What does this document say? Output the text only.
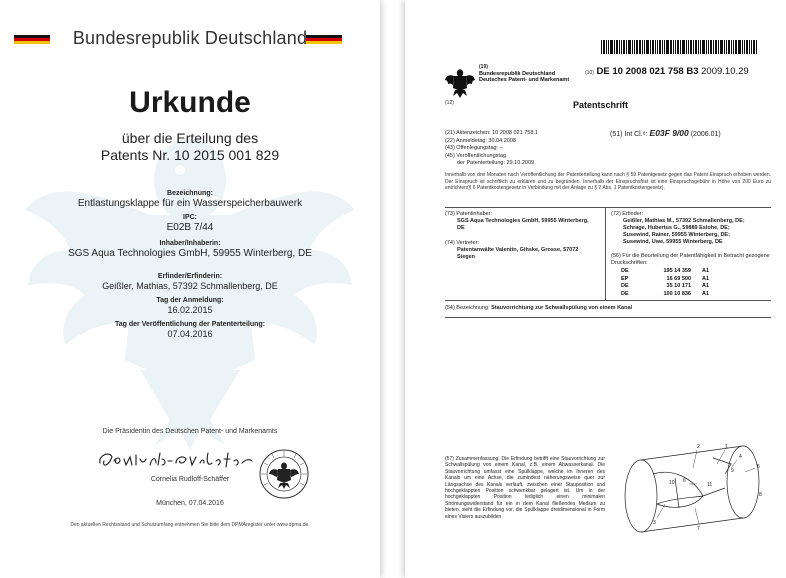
Bundesrepublik Deutschland
Urkunde
über die Erteilung des
Patents Nr. 10 2015 001 829
Bezeichnung:
Entlastungsklappe für ein Wasserspeicherbauwerk
IPC:
E02B 7/44
Inhaber/Inhaberin:
SGS Aqua Technologies GmbH, 59955 Winterberg, DE
Erfinder/Erfinderin:
Geißler, Mathias, 57392 Schmallenberg, DE
Tag der Anmeldung:
16.02.2015
Tag der Veröffentlichung der Patenterteilung:
07.04.2016
Die Präsidentin des Deutschen Patent- und Markenamts
Cornelia Rudloff-Schäffer
München, 07.04.2016
Den aktuellen Rechtsstand und Schutzumfang entnehmen Sie bitte dem DPMAregister unter www.dpma.de.
(19)
Bundesrepublik Deutschland
Deutsches Patent- und Markenamt
(10) DE 10 2008 021 758 B3 2009.10.29
(12)	Patentschrift
(21) Aktenzeichen: 10 2008 021 758.1
(22) Anmeldetag: 30.04.2008
(43) Offenlegungstag: –
(45) Veröffentlichungstag
der Patenterteilung: 29.10.2009
(51) Int Cl.⁸: E03F 9/00 (2006.01)
Innerhalb von drei Monaten nach Veröffentlichung der Patenterteilung kann nach § 59 Patentgesetz gegen das Patent Einspruch erhoben werden. Der Einspruch ist schriftlich zu erklären und zu begründen. Innerhalb der Einspruchsfrist ist eine Einspruchsgebühr in Höhe von 200 Euro zu entrichten(§ 6 Patentkostengesetz in Verbindung mit der Anlage zu § 2 Abs. 1 Patentkostengesetz).
(73) Patentinhaber:
SGS Aqua Technologies GmbH, 59955 Winterberg, DE
(74) Vertreter:
Patentanwälte Valentin, Gihske, Grosse, 57072 Siegen
(72) Erfinder:
Geißler, Mathias M., 57392 Schmallenberg, DE;
Schrage, Hubertus G., 59889 Eslohe, DE;
Susewind, Rainer, 59955 Winterberg, DE;
Susewind, Uwe, 59955 Winterberg, DE
(56) Für die Beurteilung der Patentfähigkeit in Betracht gezogene Druckschriften:
DE	195 14 359	A1
EP	16 69 500	A1
DE	35 10 171	A1
DE	100 10 836	A1
(54) Bezeichnung: Stauvorrichtung zur Schwallspülung von einem Kanal
(57) Zusammenfassung: Die Erfindung betrifft eine Stauvorrichtung zur Schwallspülung von einem Kanal, z.B. einem Abwasserkanal. Die Stauvorrichtung umfasst eine Spülklappe, welche im Inneren des Kanals um eine Achse, die zumindest näherungsweise quer zur Längsachse des Kanals verläuft, zwischen einer Stauposition und hochgeklappten Position schwenkbar gelagert ist. Um in der hochgeklappten Position lediglich einen minimalen Strömungswiderstand für ein in dem Kanal fließendes Medium zu bieten, sieht die Erfindung vor, die Spülklappe dreidimensional in Form eines Visiers auszubilden.
2	1
4
5
9
3
6
10	11
7
8
